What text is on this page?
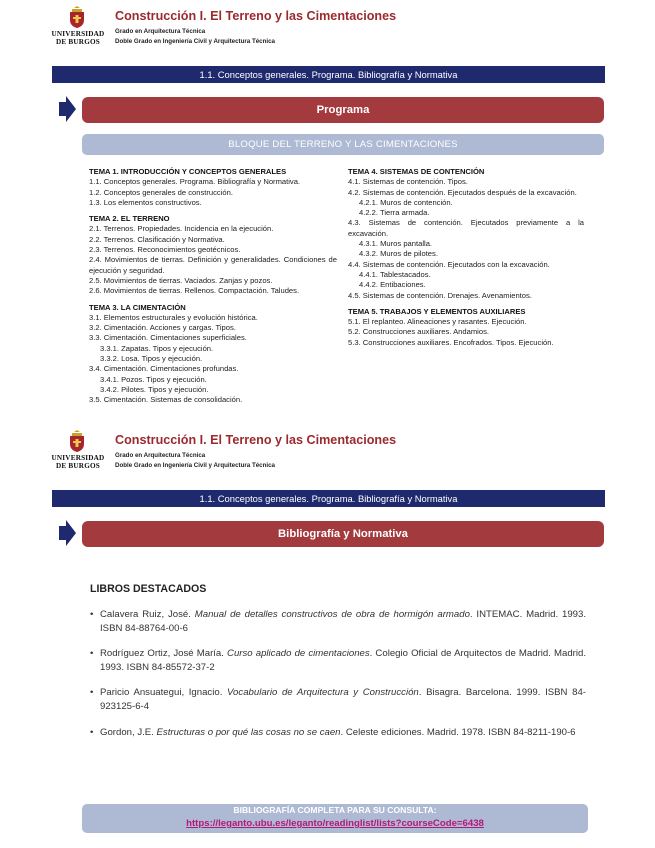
UNIVERSIDAD DE BURGOS
Construcción I. El Terreno y las Cimentaciones
Grado en Arquitectura Técnica
Doble Grado en Ingeniería Civil y Arquitectura Técnica
1.1. Conceptos generales. Programa. Bibliografía y Normativa
Programa
BLOQUE DEL TERRENO Y LAS CIMENTACIONES
TEMA 1. INTRODUCCIÓN Y CONCEPTOS GENERALES
1.1. Conceptos generales. Programa. Bibliografía y Normativa.
1.2. Conceptos generales de construcción.
1.3. Los elementos constructivos.
TEMA 2. EL TERRENO
2.1. Terrenos. Propiedades. Incidencia en la ejecución.
2.2. Terrenos. Clasificación y Normativa.
2.3. Terrenos. Reconocimientos geotécnicos.
2.4. Movimientos de tierras. Definición y generalidades. Condiciones de ejecución y seguridad.
2.5. Movimientos de tierras. Vaciados. Zanjas y pozos.
2.6. Movimientos de tierras. Rellenos. Compactación. Taludes.
TEMA 3. LA CIMENTACIÓN
3.1. Elementos estructurales y evolución histórica.
3.2. Cimentación. Acciones y cargas. Tipos.
3.3. Cimentación. Cimentaciones superficiales.
3.3.1. Zapatas. Tipos y ejecución.
3.3.2. Losa. Tipos y ejecución.
3.4. Cimentación. Cimentaciones profundas.
3.4.1. Pozos. Tipos y ejecución.
3.4.2. Pilotes. Tipos y ejecución.
3.5. Cimentación. Sistemas de consolidación.
TEMA 4. SISTEMAS DE CONTENCIÓN
4.1. Sistemas de contención. Tipos.
4.2. Sistemas de contención. Ejecutados después de la excavación.
4.2.1. Muros de contención.
4.2.2. Tierra armada.
4.3. Sistemas de contención. Ejecutados previamente a la excavación.
4.3.1. Muros pantalla.
4.3.2. Muros de pilotes.
4.4. Sistemas de contención. Ejecutados con la excavación.
4.4.1. Tablestacados.
4.4.2. Entibaciones.
4.5. Sistemas de contención. Drenajes. Avenamientos.
TEMA 5. TRABAJOS Y ELEMENTOS AUXILIARES
5.1. El replanteo. Alineaciones y rasantes. Ejecución.
5.2. Construcciones auxiliares. Andamios.
5.3. Construcciones auxiliares. Encofrados. Tipos. Ejecución.
UNIVERSIDAD DE BURGOS
Construcción I. El Terreno y las Cimentaciones
Grado en Arquitectura Técnica
Doble Grado en Ingeniería Civil y Arquitectura Técnica
1.1. Conceptos generales. Programa. Bibliografía y Normativa
Bibliografía y Normativa
LIBROS DESTACADOS
• Calavera Ruiz, José. Manual de detalles constructivos de obra de hormigón armado. INTEMAC. Madrid. 1993. ISBN 84-88764-00-6
• Rodríguez Ortiz, José María. Curso aplicado de cimentaciones. Colegio Oficial de Arquitectos de Madrid. Madrid. 1993. ISBN 84-85572-37-2
• Paricio Ansuategui, Ignacio. Vocabulario de Arquitectura y Construcción. Bisagra. Barcelona. 1999. ISBN 84-923125-6-4
• Gordon, J.E. Estructuras o por qué las cosas no se caen. Celeste ediciones. Madrid. 1978. ISBN 84-8211-190-6
BIBLIOGRAFÍA COMPLETA PARA SU CONSULTA:
https://leganto.ubu.es/leganto/readinglist/lists?courseCode=6438
